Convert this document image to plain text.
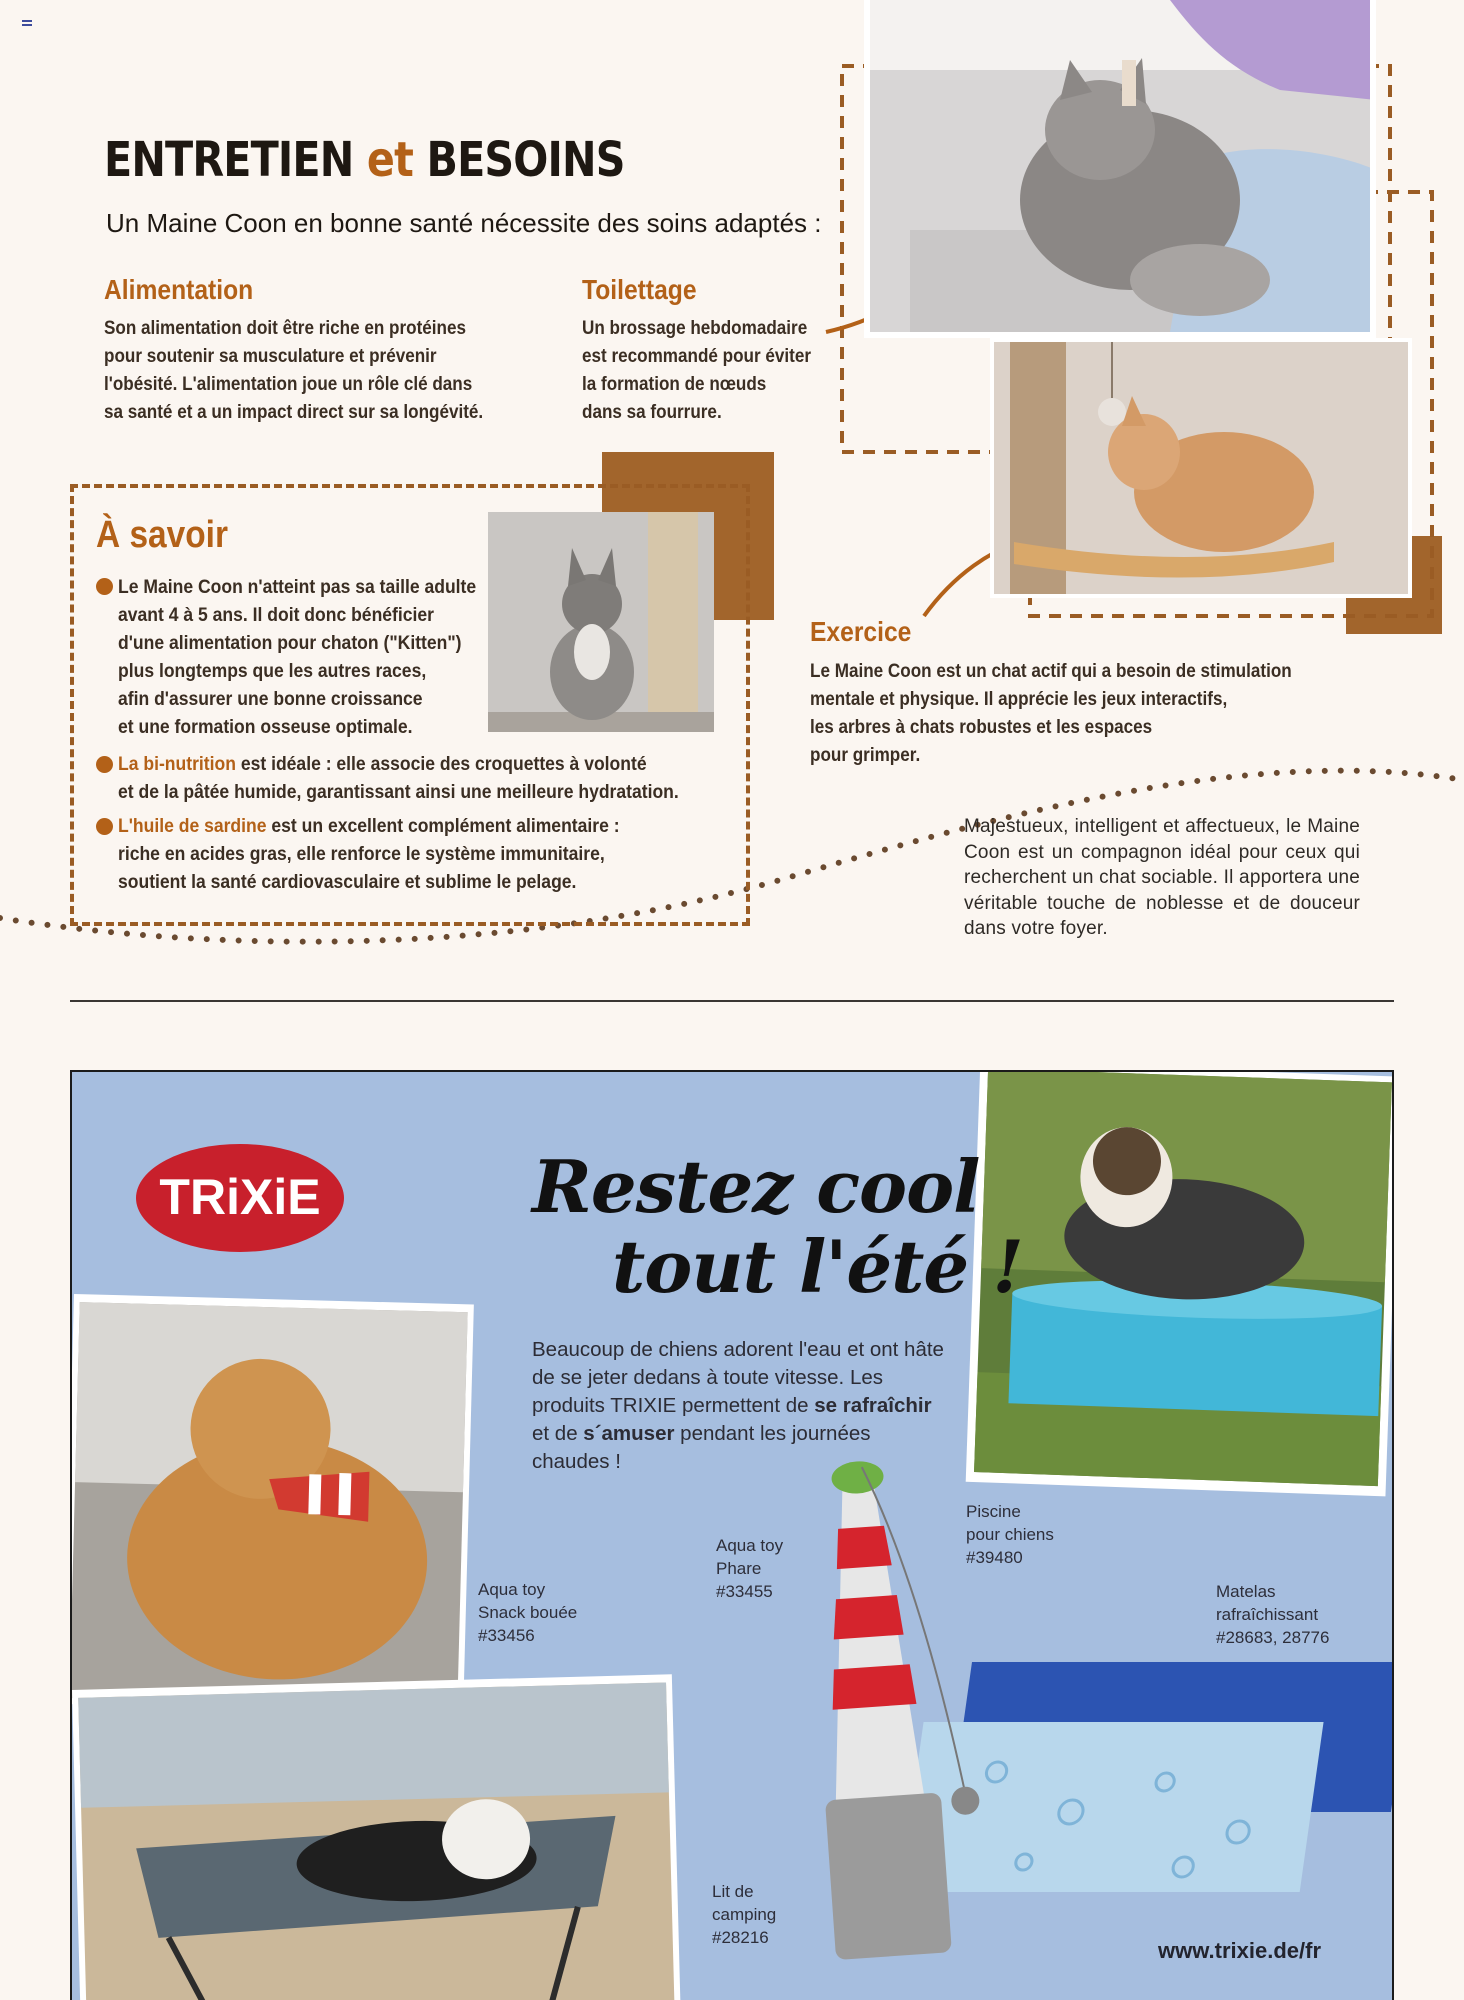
ENTRETIEN et BESOINS
Un Maine Coon en bonne santé nécessite des soins adaptés :
Alimentation
Son alimentation doit être riche en protéines
pour soutenir sa musculature et prévenir
l'obésité. L'alimentation joue un rôle clé dans
sa santé et a un impact direct sur sa longévité.
Toilettage
Un brossage hebdomadaire
est recommandé pour éviter
la formation de nœuds
dans sa fourrure.
À savoir
Le Maine Coon n'atteint pas sa taille adulte
avant 4 à 5 ans. Il doit donc bénéficier
d'une alimentation pour chaton ("Kitten")
plus longtemps que les autres races,
afin d'assurer une bonne croissance
et une formation osseuse optimale.
La bi-nutrition est idéale : elle associe des croquettes à volonté
et de la pâtée humide, garantissant ainsi une meilleure hydratation.
L'huile de sardine est un excellent complément alimentaire :
riche en acides gras, elle renforce le système immunitaire,
soutient la santé cardiovasculaire et sublime le pelage.
Exercice
Le Maine Coon est un chat actif qui a besoin de stimulation
mentale et physique. Il apprécie les jeux interactifs,
les arbres à chats robustes et les espaces
pour grimper.
Majestueux, intelligent et affectueux, le Maine Coon est un compagnon idéal pour ceux qui recherchent un chat sociable. Il apportera une véritable touche de noblesse et de douceur dans votre foyer.
TRiXiE	Restez cool
tout l'été !
Beaucoup de chiens adorent l'eau et ont hâte de se jeter dedans à toute vitesse. Les produits TRIXIE permettent de se rafraîchir et de s´amuser pendant les journées chaudes !
Aqua toy
Snack bouée
#33456
Aqua toy
Phare
#33455
Piscine
pour chiens
#39480
Matelas
rafraîchissant
#28683, 28776
Lit de
camping
#28216
www.trixie.de/fr
